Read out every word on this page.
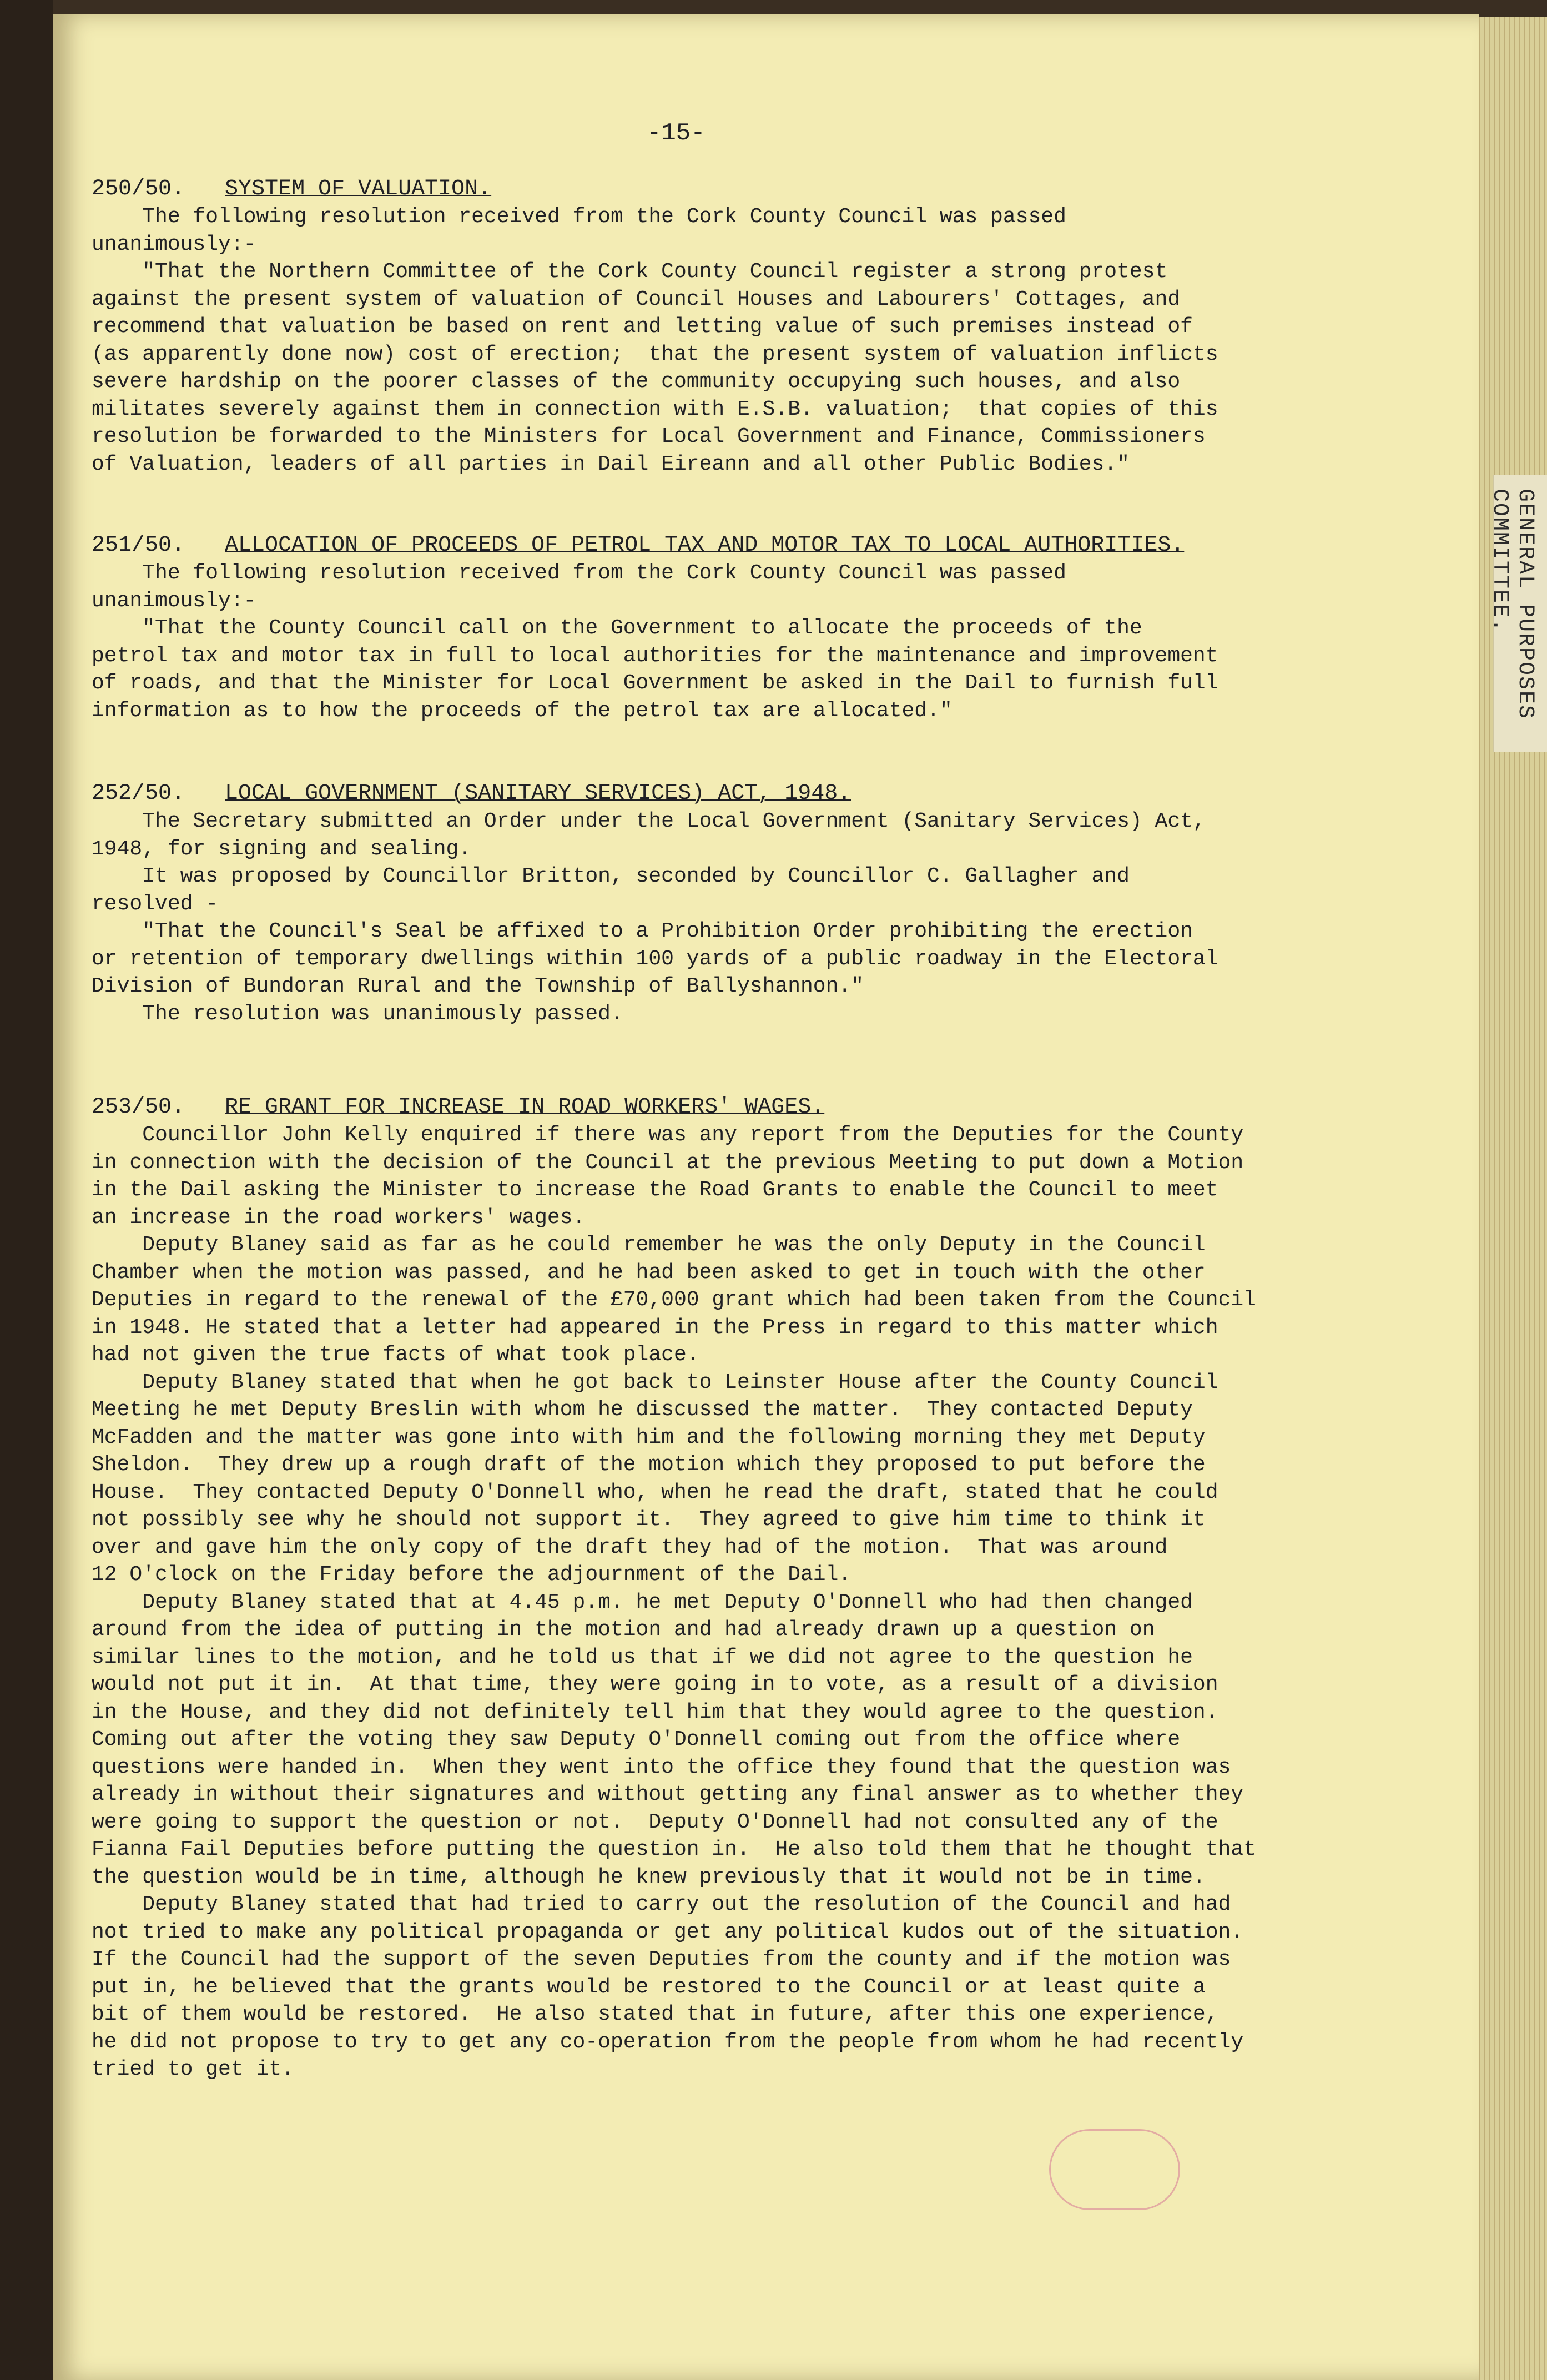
GENERAL PURPOSES COMMITTEE.
-15-
250/50. SYSTEM OF VALUATION.

The following resolution received from the Cork County Council was passed
unanimously:-
"That the Northern Committee of the Cork County Council register a strong protest
against the present system of valuation of Council Houses and Labourers' Cottages, and
recommend that valuation be based on rent and letting value of such premises instead of
(as apparently done now) cost of erection;  that the present system of valuation inflicts
severe hardship on the poorer classes of the community occupying such houses, and also
militates severely against them in connection with E.S.B. valuation;  that copies of this
resolution be forwarded to the Ministers for Local Government and Finance, Commissioners
of Valuation, leaders of all parties in Dail Eireann and all other Public Bodies."

251/50. ALLOCATION OF PROCEEDS OF PETROL TAX AND MOTOR TAX TO LOCAL AUTHORITIES.

The following resolution received from the Cork County Council was passed
unanimously:-
"That the County Council call on the Government to allocate the proceeds of the
petrol tax and motor tax in full to local authorities for the maintenance and improvement
of roads, and that the Minister for Local Government be asked in the Dail to furnish full
information as to how the proceeds of the petrol tax are allocated."

252/50. LOCAL GOVERNMENT (SANITARY SERVICES) ACT, 1948.

The Secretary submitted an Order under the Local Government (Sanitary Services) Act,
1948, for signing and sealing.
It was proposed by Councillor Britton, seconded by Councillor C. Gallagher and
resolved -
"That the Council's Seal be affixed to a Prohibition Order prohibiting the erection
or retention of temporary dwellings within 100 yards of a public roadway in the Electoral
Division of Bundoran Rural and the Township of Ballyshannon."
The resolution was unanimously passed.

253/50. RE GRANT FOR INCREASE IN ROAD WORKERS' WAGES.

Councillor John Kelly enquired if there was any report from the Deputies for the County
in connection with the decision of the Council at the previous Meeting to put down a Motion
in the Dail asking the Minister to increase the Road Grants to enable the Council to meet
an increase in the road workers' wages.
Deputy Blaney said as far as he could remember he was the only Deputy in the Council
Chamber when the motion was passed, and he had been asked to get in touch with the other
Deputies in regard to the renewal of the £70,000 grant which had been taken from the Council
in 1948. He stated that a letter had appeared in the Press in regard to this matter which
had not given the true facts of what took place.
Deputy Blaney stated that when he got back to Leinster House after the County Council
Meeting he met Deputy Breslin with whom he discussed the matter.  They contacted Deputy
McFadden and the matter was gone into with him and the following morning they met Deputy
Sheldon.  They drew up a rough draft of the motion which they proposed to put before the
House.  They contacted Deputy O'Donnell who, when he read the draft, stated that he could
not possibly see why he should not support it.  They agreed to give him time to think it
over and gave him the only copy of the draft they had of the motion.  That was around
12 O'clock on the Friday before the adjournment of the Dail.
Deputy Blaney stated that at 4.45 p.m. he met Deputy O'Donnell who had then changed
around from the idea of putting in the motion and had already drawn up a question on
similar lines to the motion, and he told us that if we did not agree to the question he
would not put it in.  At that time, they were going in to vote, as a result of a division
in the House, and they did not definitely tell him that they would agree to the question.
Coming out after the voting they saw Deputy O'Donnell coming out from the office where
questions were handed in.  When they went into the office they found that the question was
already in without their signatures and without getting any final answer as to whether they
were going to support the question or not.  Deputy O'Donnell had not consulted any of the
Fianna Fail Deputies before putting the question in.  He also told them that he thought that
the question would be in time, although he knew previously that it would not be in time.
Deputy Blaney stated that had tried to carry out the resolution of the Council and had
not tried to make any political propaganda or get any political kudos out of the situation.
If the Council had the support of the seven Deputies from the county and if the motion was
put in, he believed that the grants would be restored to the Council or at least quite a
bit of them would be restored.  He also stated that in future, after this one experience,
he did not propose to try to get any co-operation from the people from whom he had recently
tried to get it.
